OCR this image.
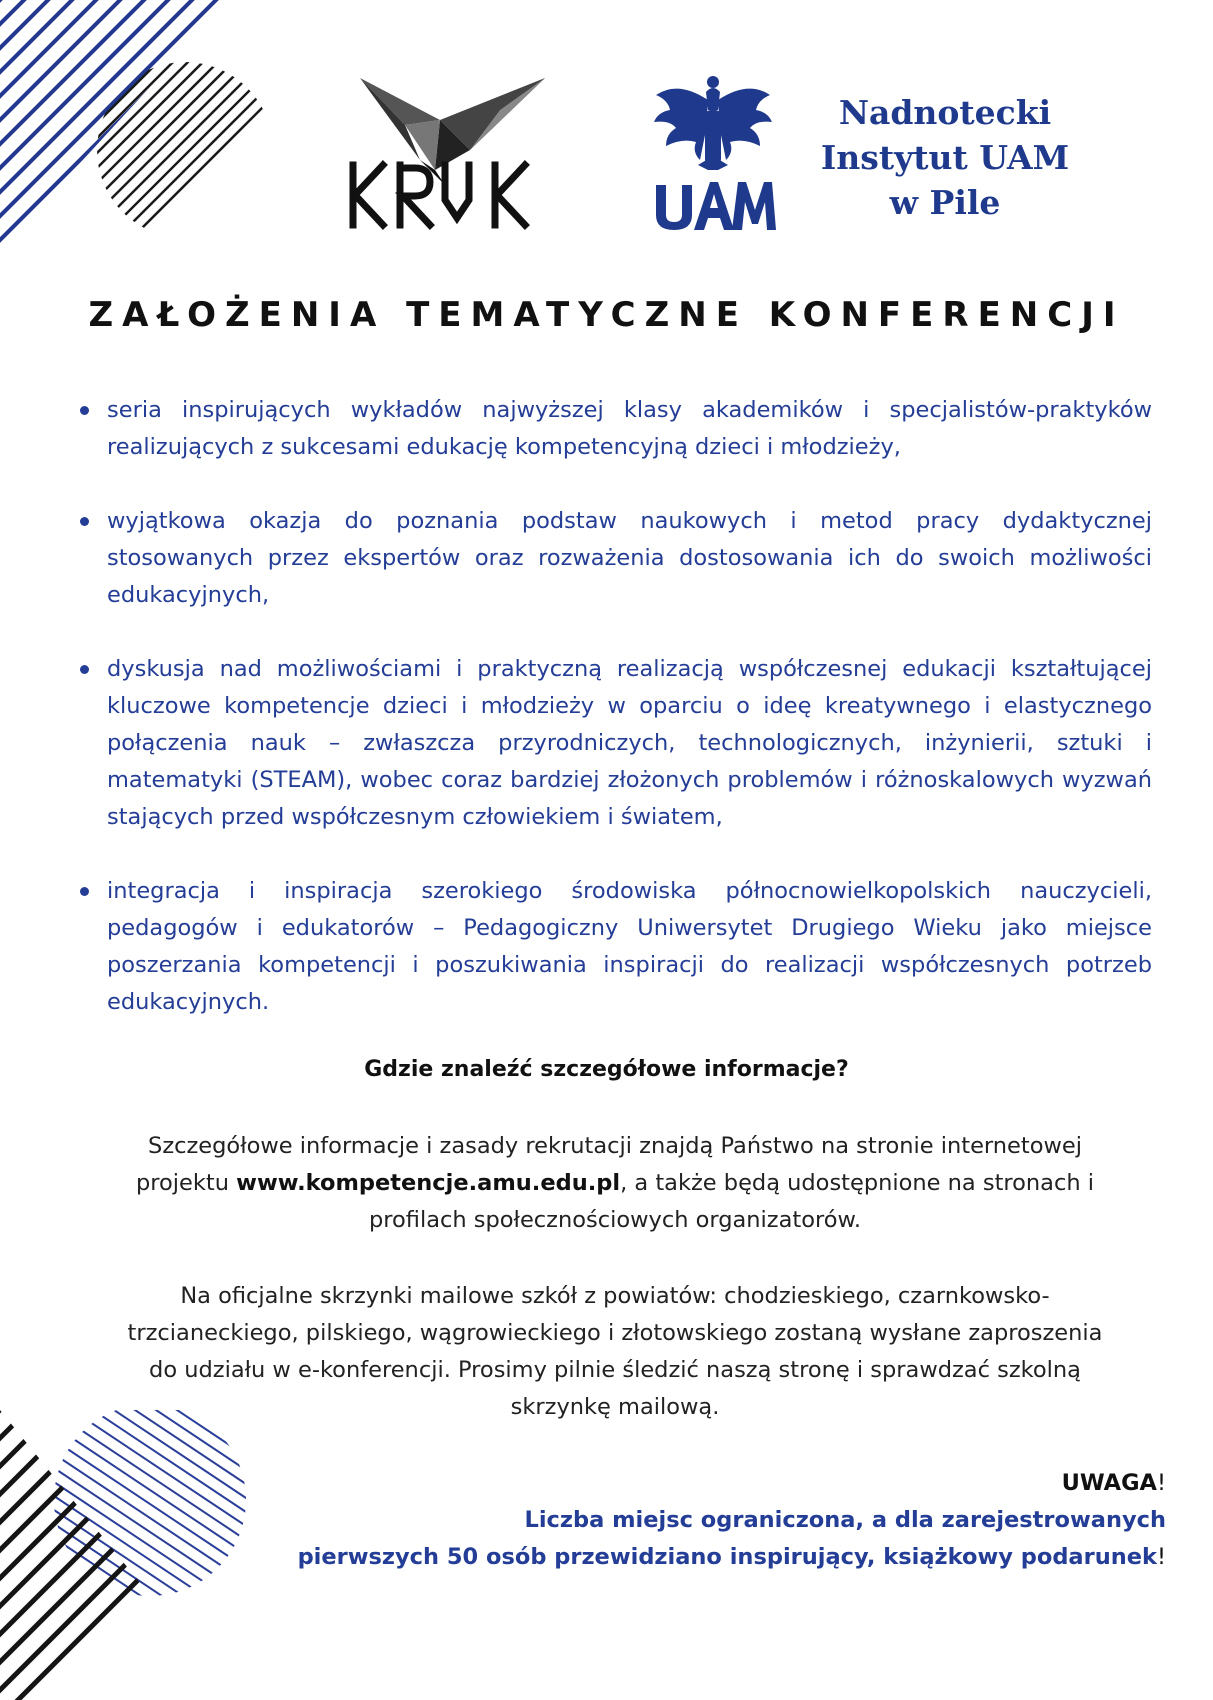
Nadnotecki
Instytut UAM
w Pile
ZAŁOŻENIA TEMATYCZNE KONFERENCJI
seria inspirujących wykładów najwyższej klasy akademików i specjalistów-praktyków realizujących z sukcesami edukację kompetencyjną dzieci i młodzieży,
wyjątkowa okazja do poznania podstaw naukowych i metod pracy dydaktycznej stosowanych przez ekspertów oraz rozważenia dostosowania ich do swoich możliwości edukacyjnych,
dyskusja nad możliwościami i praktyczną realizacją współczesnej edukacji kształtującej kluczowe kompetencje dzieci i młodzieży w oparciu o ideę kreatywnego i elastycznego połączenia nauk – zwłaszcza przyrodniczych, technologicznych, inżynierii, sztuki i matematyki (STEAM), wobec coraz bardziej złożonych problemów i różnoskalowych wyzwań stających przed współczesnym człowiekiem i światem,
integracja i inspiracja szerokiego środowiska północnowielkopolskich nauczycieli, pedagogów i edukatorów – Pedagogiczny Uniwersytet Drugiego Wieku jako miejsce poszerzania kompetencji i poszukiwania inspiracji do realizacji współczesnych potrzeb edukacyjnych.
Gdzie znaleźć szczegółowe informacje?
Szczegółowe informacje i zasady rekrutacji znajdą Państwo na stronie internetowej projektu www.kompetencje.amu.edu.pl, a także będą udostępnione na stronach i profilach społecznościowych organizatorów.
Na oficjalne skrzynki mailowe szkół z powiatów: chodzieskiego, czarnkowsko-trzcianeckiego, pilskiego, wągrowieckiego i złotowskiego zostaną wysłane zaproszenia do udziału w e-konferencji. Prosimy pilnie śledzić naszą stronę i sprawdzać szkolną skrzynkę mailową.
UWAGA!
Liczba miejsc ograniczona, a dla zarejestrowanych
pierwszych 50 osób przewidziano inspirujący, książkowy podarunek!
